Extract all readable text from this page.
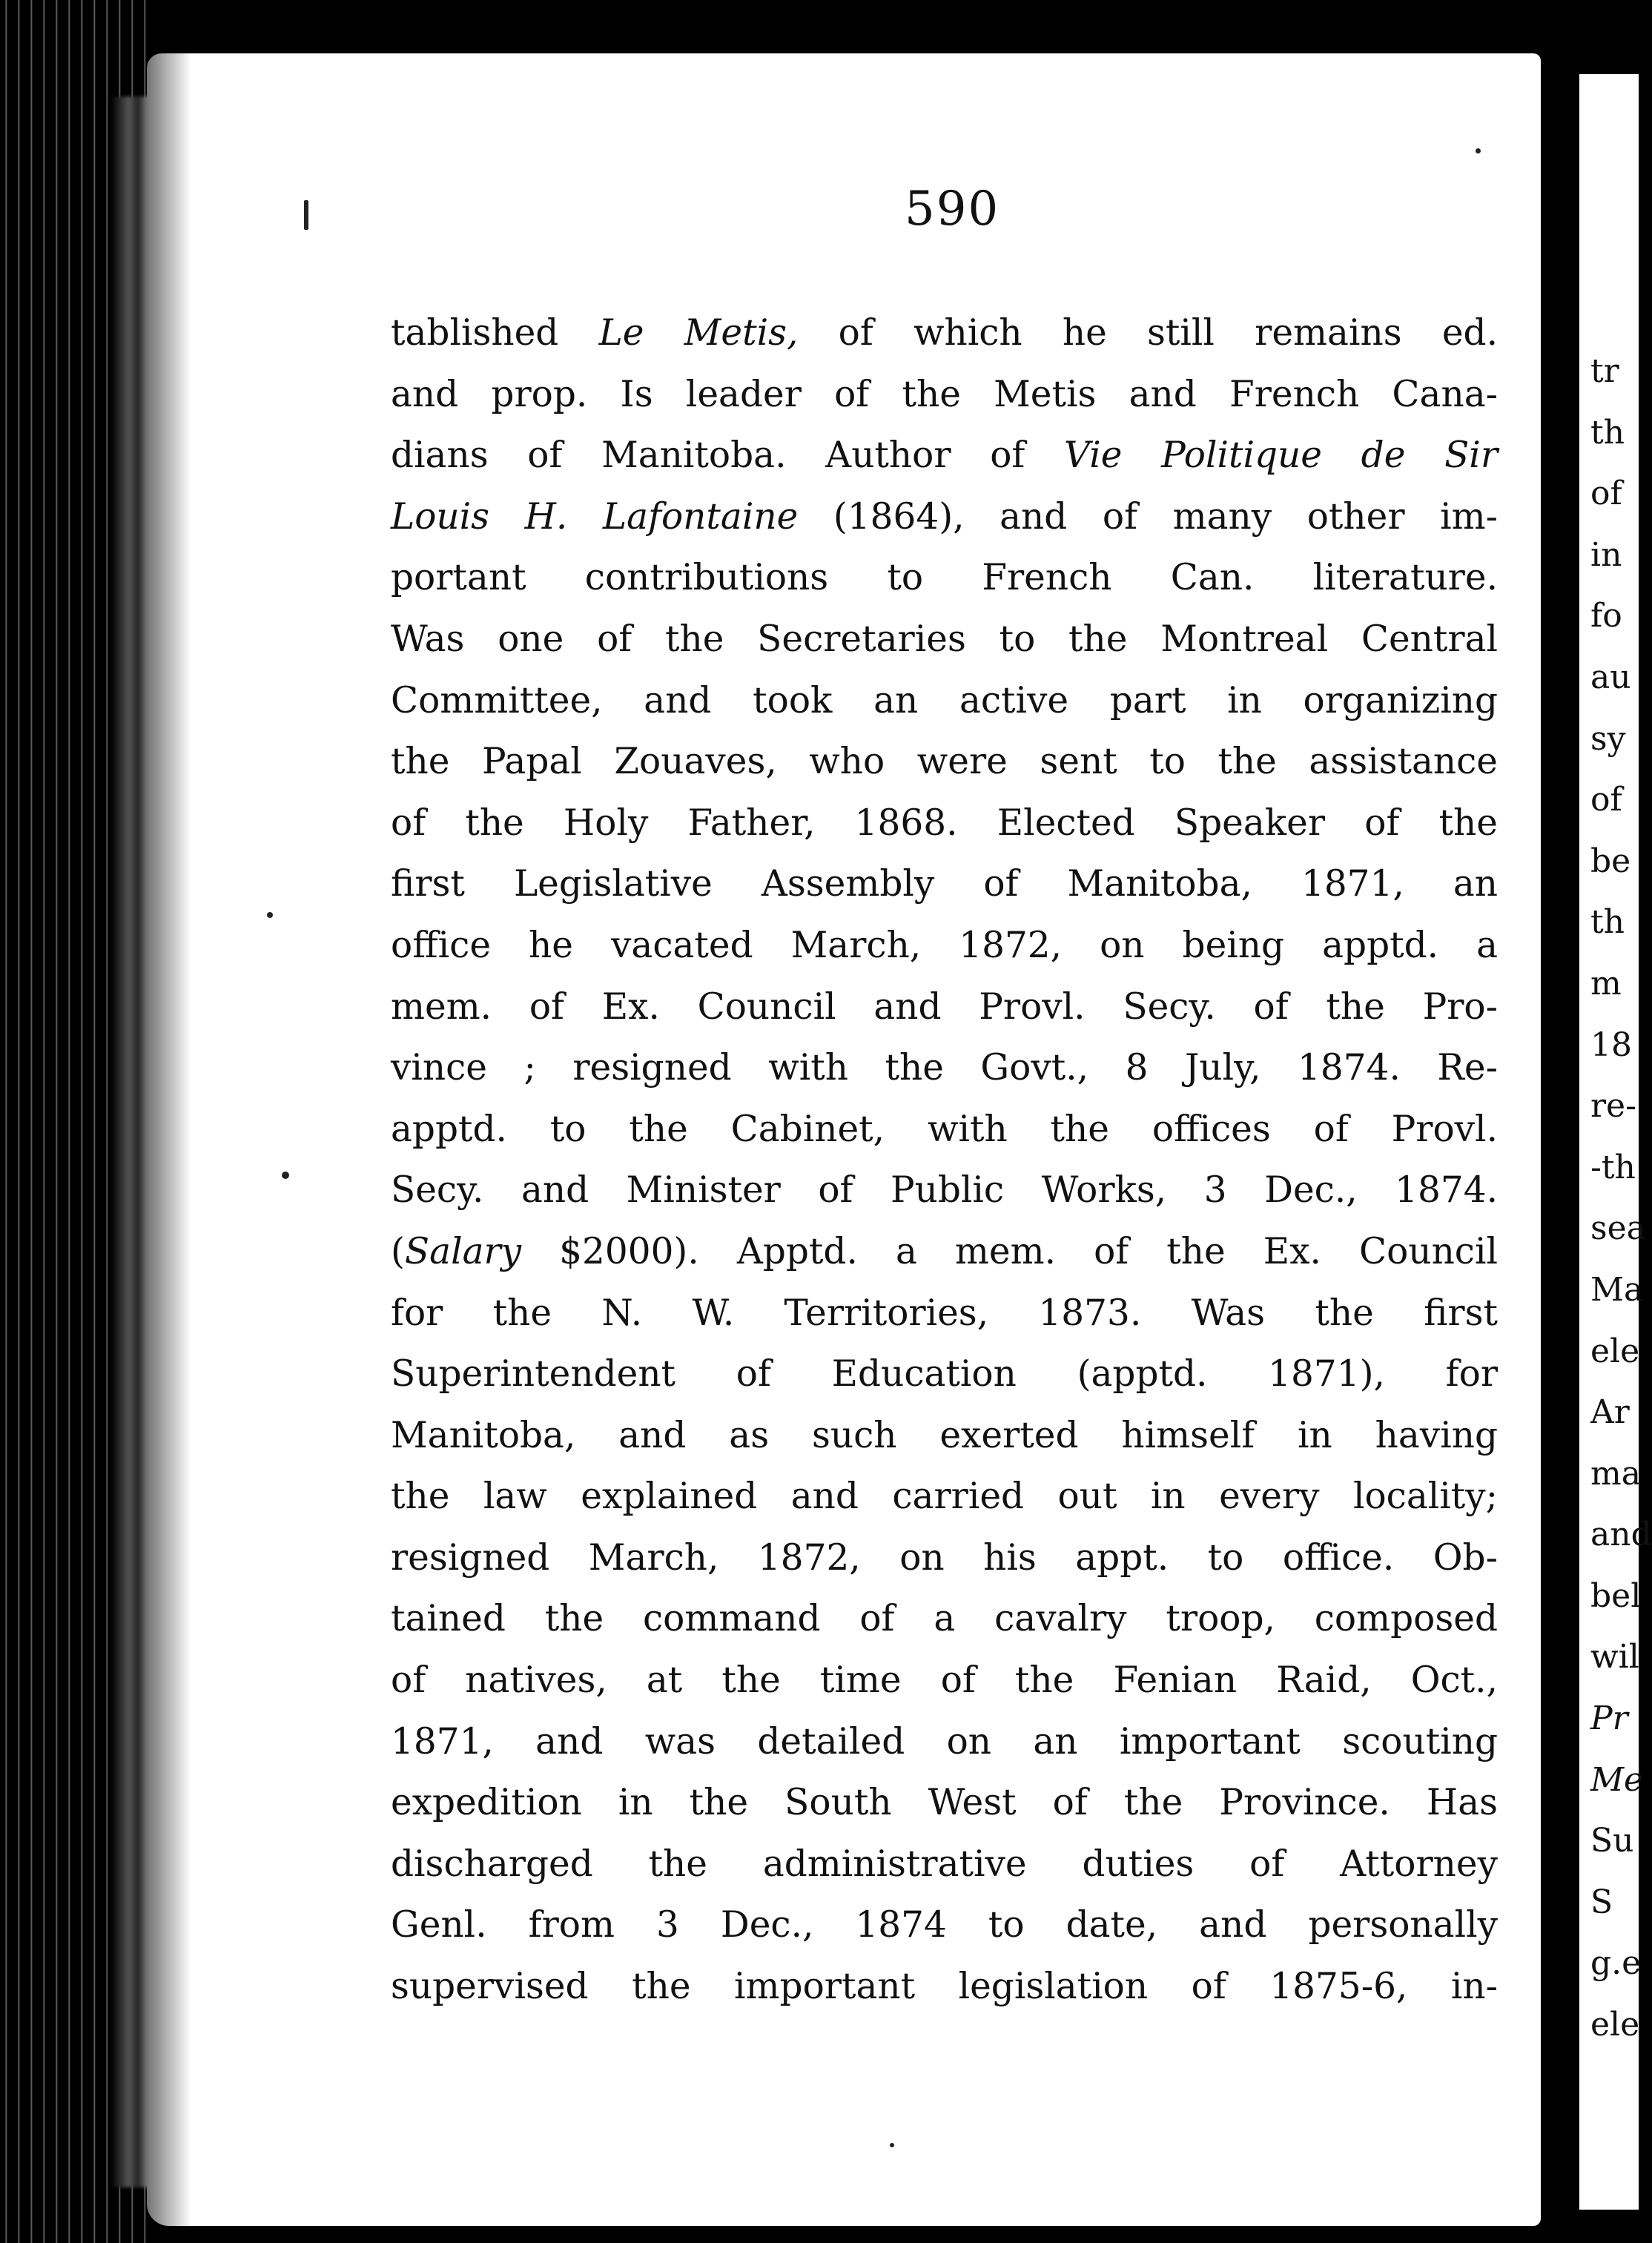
590
tablished Le Metis, of which he still remains ed.
and prop. Is leader of the Metis and French Cana-
dians of Manitoba. Author of Vie Politique de Sir
Louis H. Lafontaine (1864), and of many other im-
portant contributions to French Can. literature.
Was one of the Secretaries to the Montreal Central
Committee, and took an active part in organizing
the Papal Zouaves, who were sent to the assistance
of the Holy Father, 1868. Elected Speaker of the
first Legislative Assembly of Manitoba, 1871, an
office he vacated March, 1872, on being apptd. a
mem. of Ex. Council and Provl. Secy. of the Pro-
vince ; resigned with the Govt., 8 July, 1874. Re-
apptd. to the Cabinet, with the offices of Provl.
Secy. and Minister of Public Works, 3 Dec., 1874.
(Salary $2000). Apptd. a mem. of the Ex. Council
for the N. W. Territories, 1873. Was the first
Superintendent of Education (apptd. 1871), for
Manitoba, and as such exerted himself in having
the law explained and carried out in every locality;
resigned March, 1872, on his appt. to office. Ob-
tained the command of a cavalry troop, composed
of natives, at the time of the Fenian Raid, Oct.,
1871, and was detailed on an important scouting
expedition in the South West of the Province. Has
discharged the administrative duties of Attorney
Genl. from 3 Dec., 1874 to date, and personally
supervised the important legislation of 1875-6, in-
tr
th
of
in
fo
au
sy
of
be
th
m
18
re-
-th
sea
Ma
ele
Ar
ma
and
bel
wil
Pr
Me
Su
S
g.e
ele
